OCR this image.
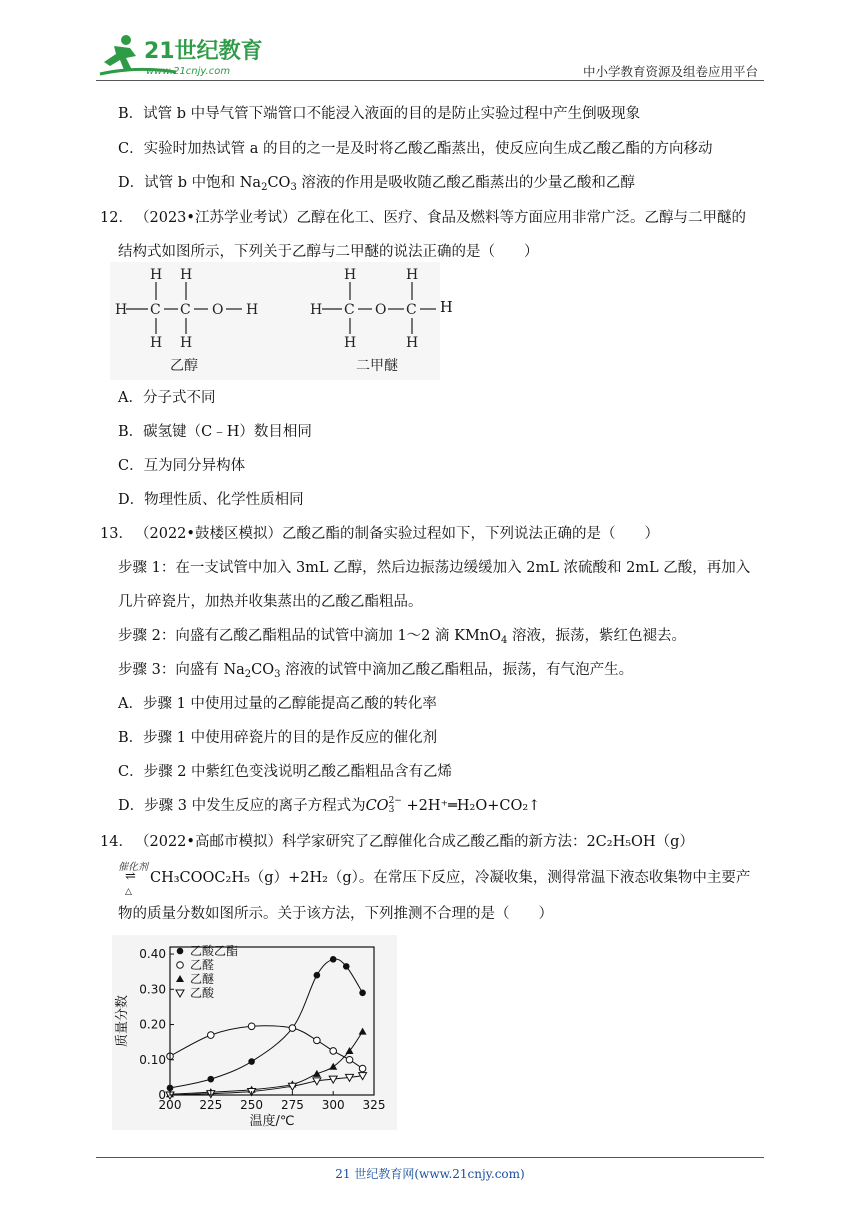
21世纪教育
www.21cnjy.com	中小学教育资源及组卷应用平台
B．试管 b 中导气管下端管口不能浸入液面的目的是防止实验过程中产生倒吸现象
C．实验时加热试管 a 的目的之一是及时将乙酸乙酯蒸出，使反应向生成乙酸乙酯的方向移动
D．试管 b 中饱和 $Na_2CO_3$ 溶液的作用是吸收随乙酸乙酯蒸出的少量乙酸和乙醇
12． （2023•江苏学业考试）乙醇在化工、医疗、食品及燃料等方面应用非常广泛。乙醇与二甲醚的
结构式如图所示，下列关于乙醇与二甲醚的说法正确的是（　　）
H H
H C C O H
H H
乙醇
H	H
H C O C
H	H
二甲醚
H
A．分子式不同
B．碳氢键（C﹣H）数目相同
C．互为同分异构体
D．物理性质、化学性质相同
13． （2022•鼓楼区模拟）乙酸乙酯的制备实验过程如下，下列说法正确的是（　　）
步骤 1：在一支试管中加入 3mL 乙醇，然后边振荡边缓缓加入 2mL 浓硫酸和 2mL 乙酸，再加入
几片碎瓷片，加热并收集蒸出的乙酸乙酯粗品。
步骤 2：向盛有乙酸乙酯粗品的试管中滴加 1～2 滴 KMnO$_4$ 溶液，振荡，紫红色褪去。
步骤 3：向盛有 $Na_2CO_3$ 溶液的试管中滴加乙酸乙酯粗品，振荡，有气泡产生。
A．步骤 1 中使用过量的乙醇能提高乙酸的转化率
B．步骤 1 中使用碎瓷片的目的是作反应的催化剂
C．步骤 2 中紫红色变浅说明乙酸乙酯粗品含有乙烯
D．步骤 3 中发生反应的离子方程式为CO 2−
3 +2H⁺═H₂O+CO₂↑
14． （2022•高邮市模拟）科学家研究了乙醇催化合成乙酸乙酯的新方法：2C₂H₅OH（g）
催化剂
⇌
△
CH₃COOC₂H₅（g）+2H₂（g）。在常压下反应，冷凝收集，测得常温下液态收集物中主要产
物的质量分数如图所示。关于该方法，下列推测不合理的是（　　）
200 225 250 275 300 325
0
0.10
0.20
0.30
0.40
温度/℃
质量分数
乙酸乙酯
乙醛
乙醚
乙酸
21 世纪教育网(www.21cnjy.com)
